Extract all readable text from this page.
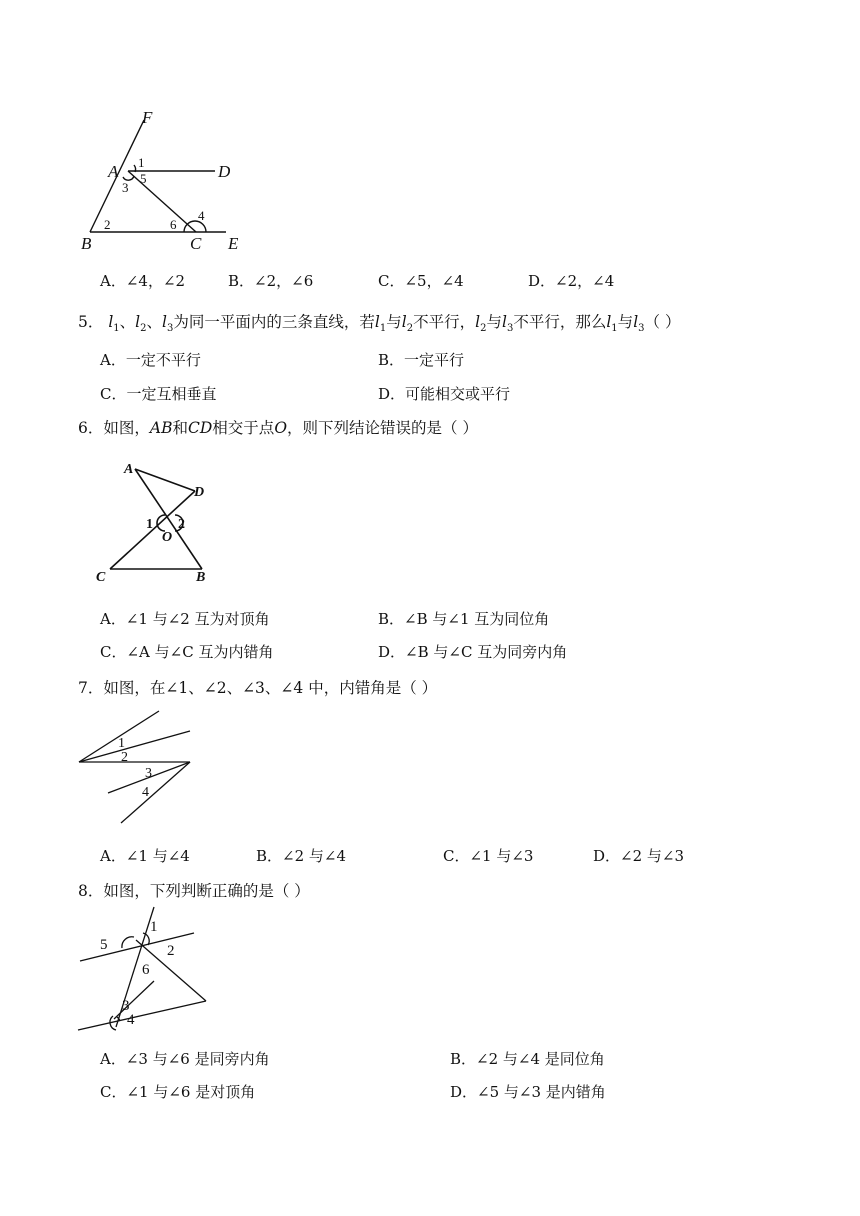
F
A	D
B	C E
1
3
5
2	6
4
A．∠4，∠2	B．∠2，∠6	C．∠5，∠4	D．∠2，∠4
5． $l_1$、$l_2$、$l_3$为同一平面内的三条直线，若$l_1$与$l_2$不平行，$l_2$与$l_3$不平行，那么$l_1$与$l_3$（ ）
A．一定不平行	B．一定平行
C．一定互相垂直	D．可能相交或平行
6．如图，AB和CD相交于点O，则下列结论错误的是（ ）
A
D
C	B
O
1 2
A．∠1 与∠2 互为对顶角	B．∠B 与∠1 互为同位角
C．∠A 与∠C 互为内错角	D．∠B 与∠C 互为同旁内角
7．如图，在∠1、∠2、∠3、∠4 中，内错角是（ ）
1
2
3
4
A．∠1 与∠4	B．∠2 与∠4	C．∠1 与∠3	D．∠2 与∠3
8．如图，下列判断正确的是（ ）
1
2
3
4
5
6
A．∠3 与∠6 是同旁内角	B．∠2 与∠4 是同位角
C．∠1 与∠6 是对顶角	D．∠5 与∠3 是内错角
